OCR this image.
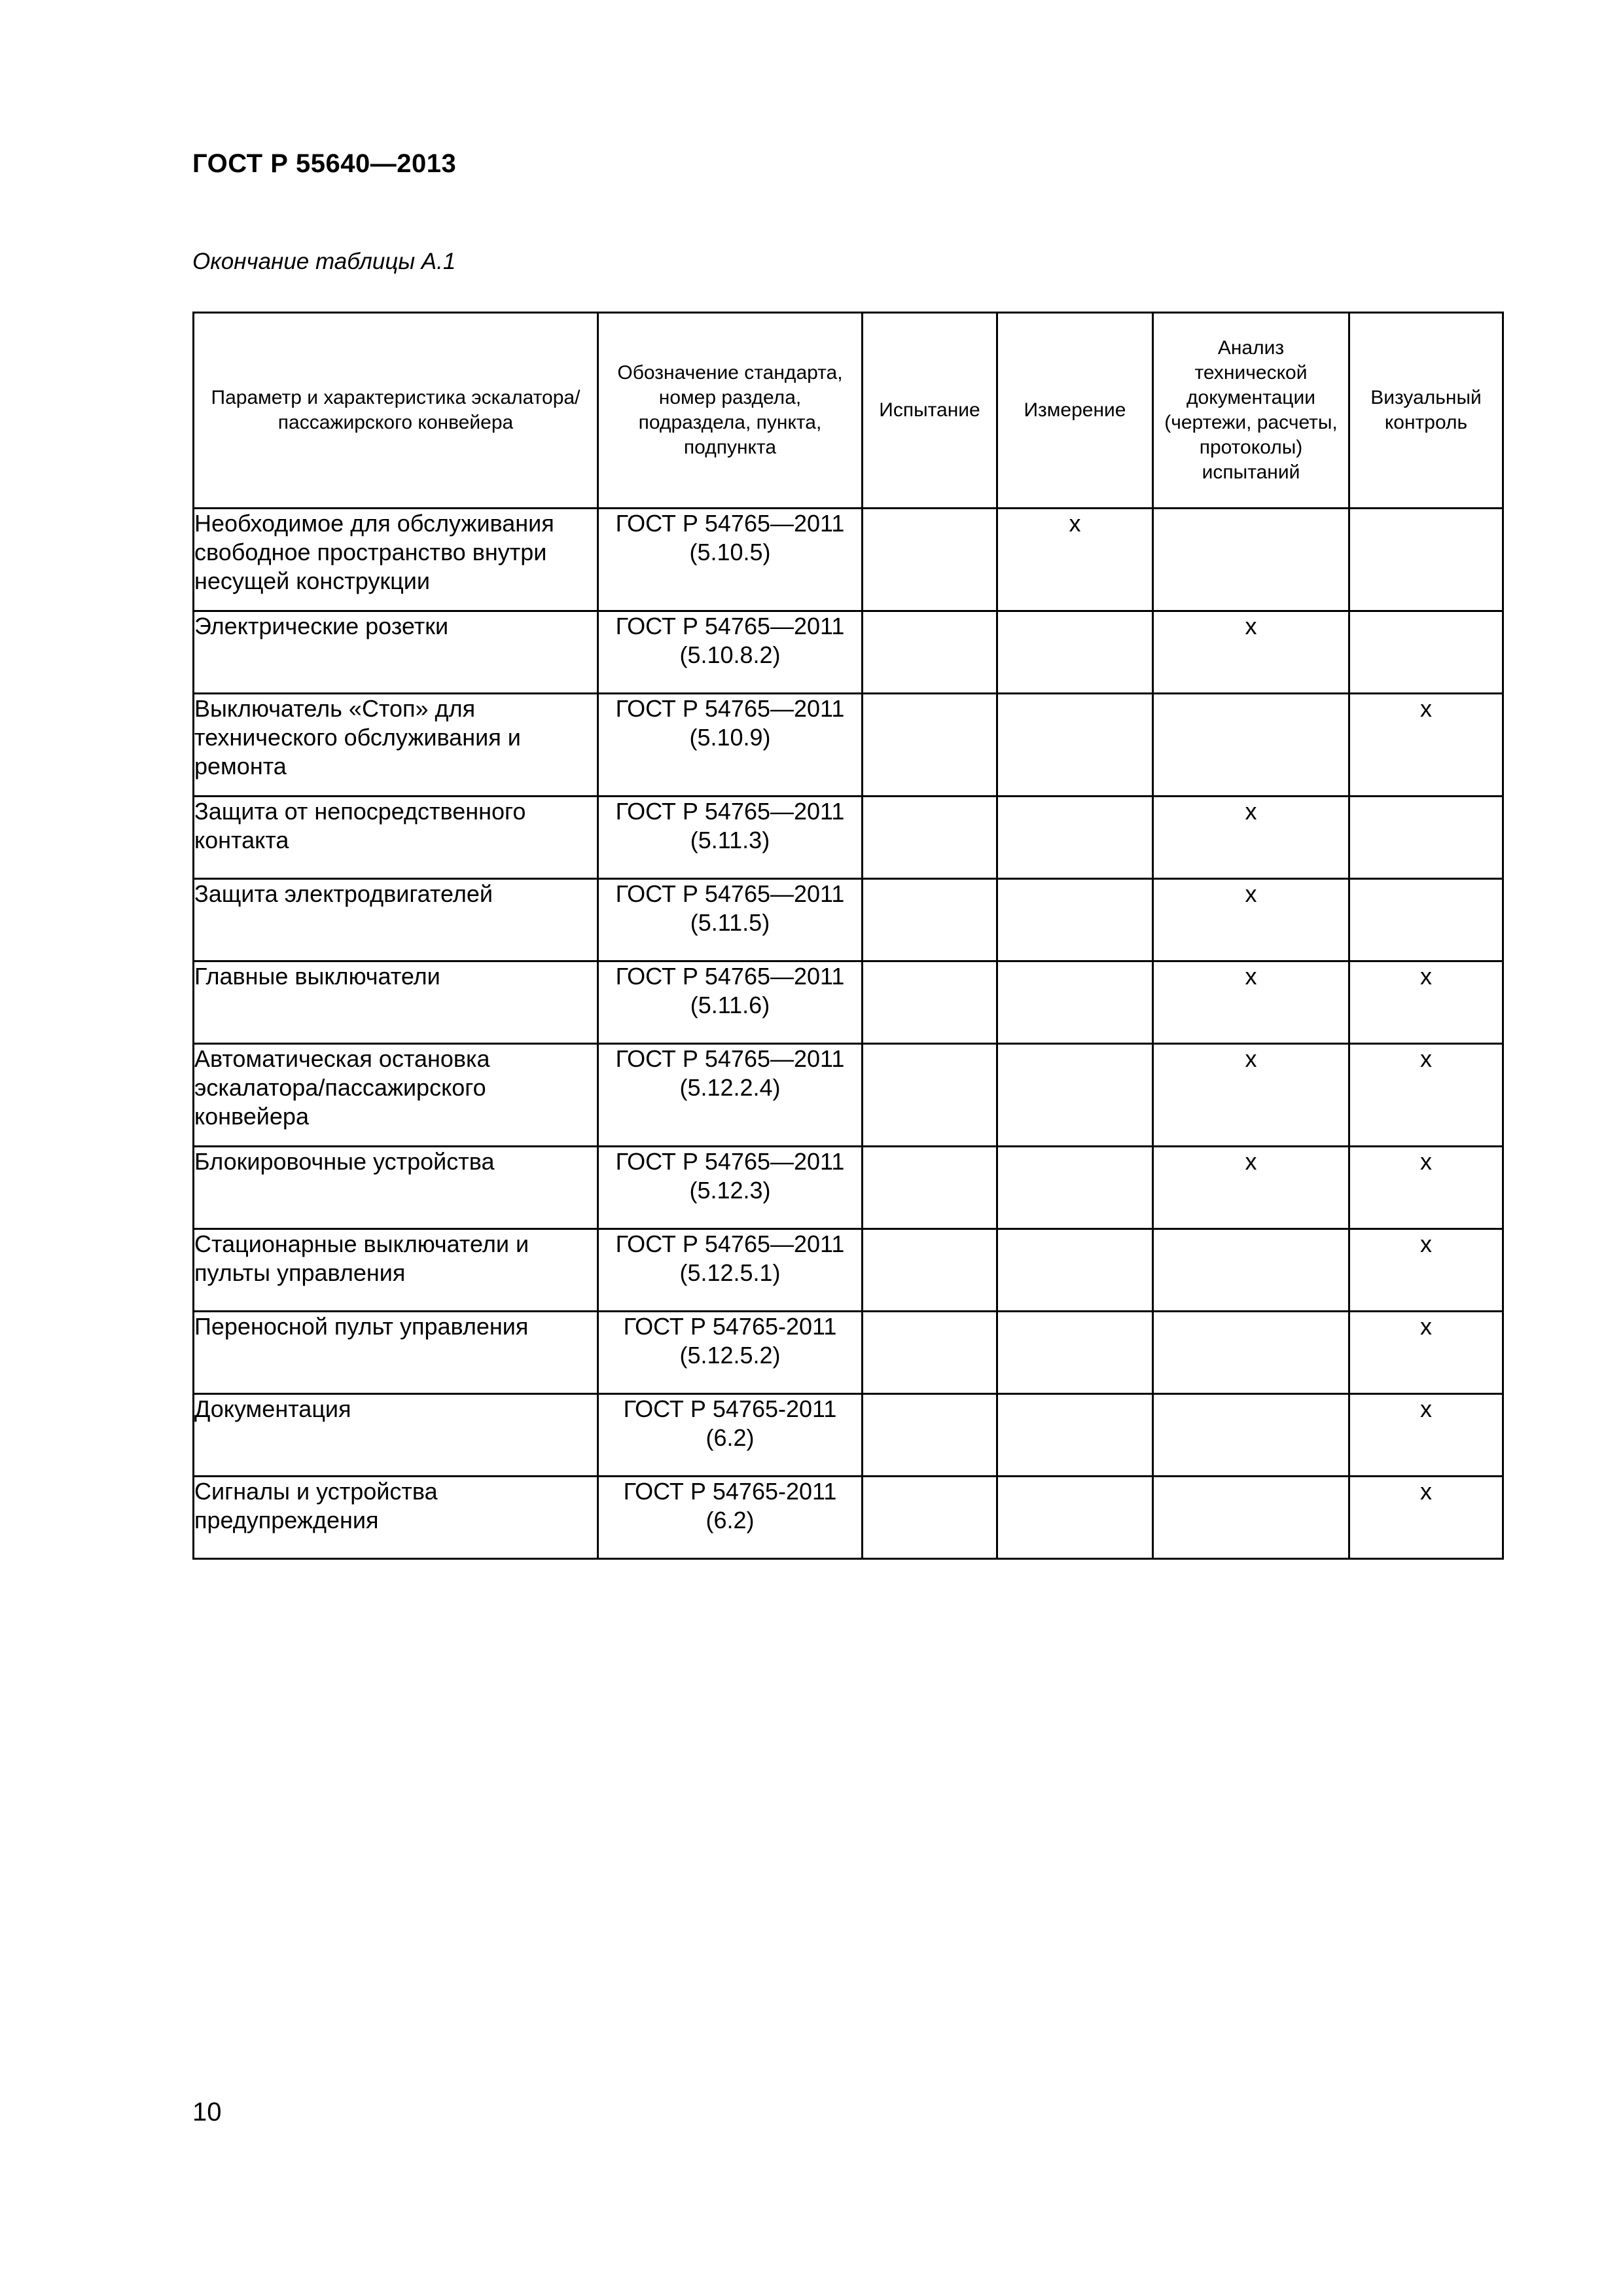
ГОСТ Р 55640—2013
Окончание таблицы А.1
Параметр и характеристика эскалатора/пассажирского конвейера	Обозначение стандарта, номер раздела, подраздела, пункта, подпункта	Испытание	Измерение	Анализ технической документации (чертежи, расчеты, протоколы) испытаний	Визуальный контроль
Необходимое для обслуживания свободное пространство внутри несущей конструкции	ГОСТ Р 54765—2011 (5.10.5)		x		
Электрические розетки	ГОСТ Р 54765—2011 (5.10.8.2)			x	
Выключатель «Стоп» для технического обслуживания и ремонта	ГОСТ Р 54765—2011 (5.10.9)				x
Защита от непосредственного контакта	ГОСТ Р 54765—2011 (5.11.3)			x	
Защита электродвигателей	ГОСТ Р 54765—2011 (5.11.5)			x	
Главные выключатели	ГОСТ Р 54765—2011 (5.11.6)			x	x
Автоматическая остановка эскалатора/пассажирского конвейера	ГОСТ Р 54765—2011 (5.12.2.4)			x	x
Блокировочные устройства	ГОСТ Р 54765—2011 (5.12.3)			x	x
Стационарные выключатели и пульты управления	ГОСТ Р 54765—2011 (5.12.5.1)				x
Переносной пульт управления	ГОСТ Р 54765-2011 (5.12.5.2)				x
Документация	ГОСТ Р 54765-2011 (6.2)				x
Сигналы и устройства предупреждения	ГОСТ Р 54765-2011 (6.2)				x
10
